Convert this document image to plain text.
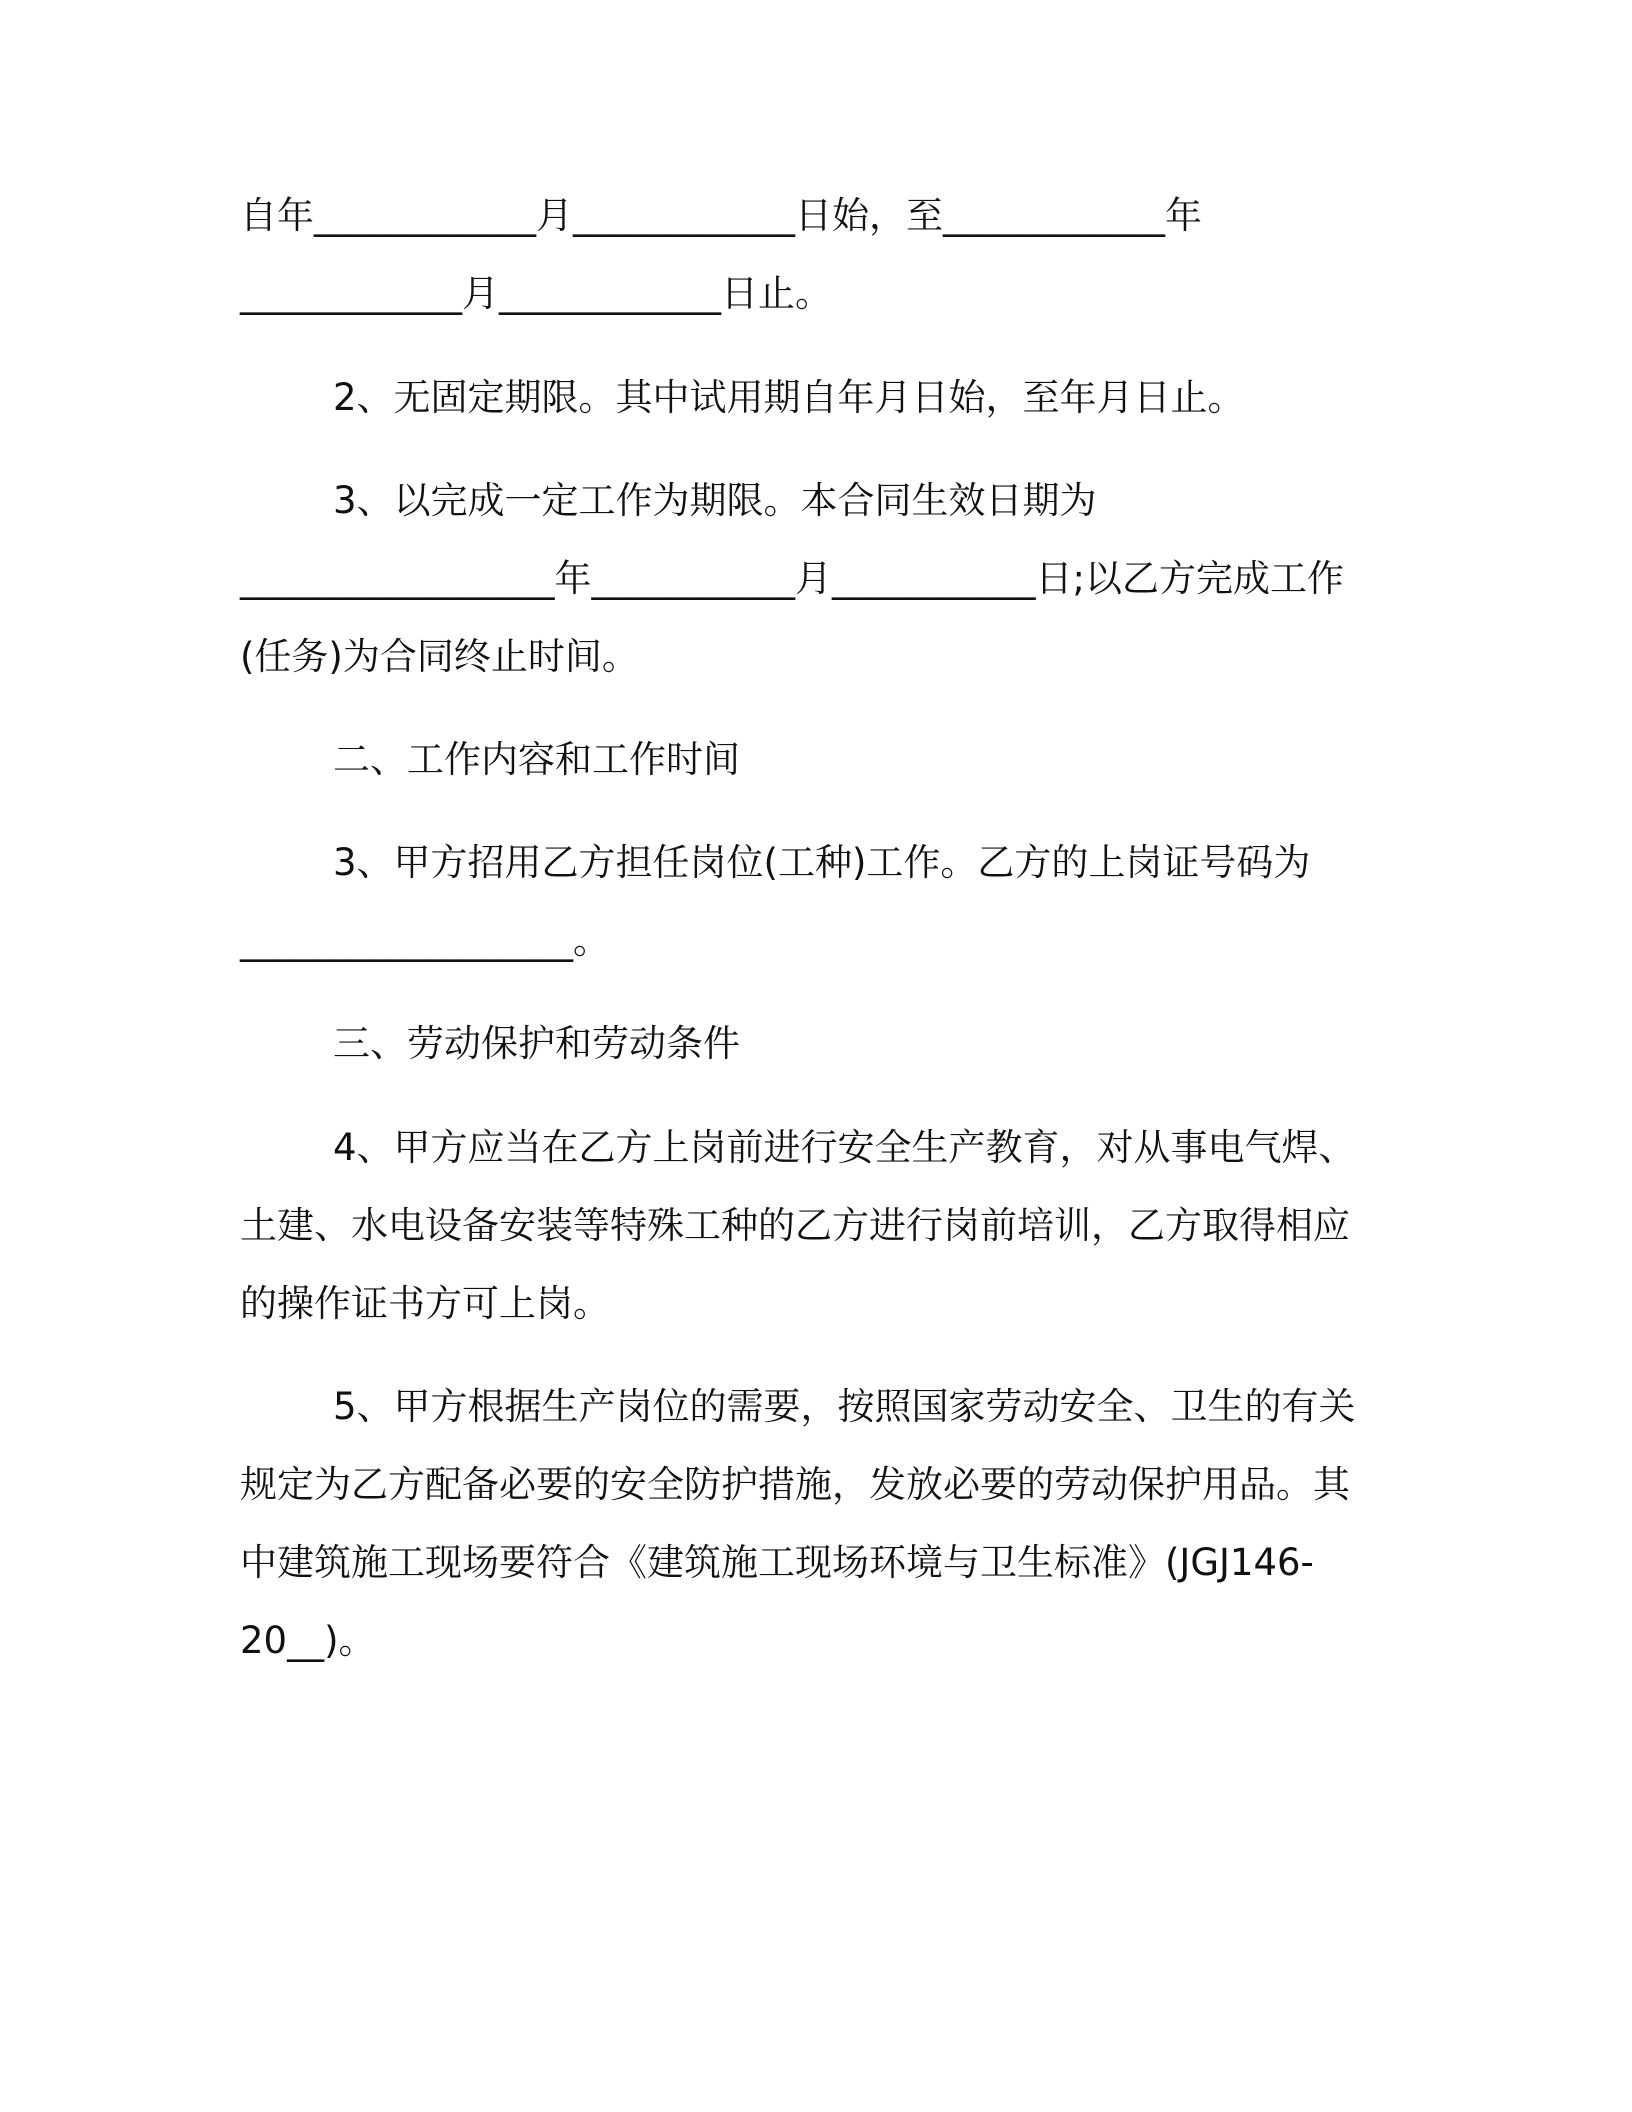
自年____________月____________日始，至____________年
____________月____________日止。
2、无固定期限。其中试用期自年月日始，至年月日止。
3、以完成一定工作为期限。本合同生效日期为
_________________年___________月___________日;以乙方完成工作
(任务)为合同终止时间。
二、工作内容和工作时间
3、甲方招用乙方担任岗位(工种)工作。乙方的上岗证号码为
__________________。
三、劳动保护和劳动条件
4、甲方应当在乙方上岗前进行安全生产教育，对从事电气焊、
土建、水电设备安装等特殊工种的乙方进行岗前培训，乙方取得相应
的操作证书方可上岗。
5、甲方根据生产岗位的需要，按照国家劳动安全、卫生的有关
规定为乙方配备必要的安全防护措施，发放必要的劳动保护用品。其
中建筑施工现场要符合《建筑施工现场环境与卫生标准》(JGJ146-
20__)。
